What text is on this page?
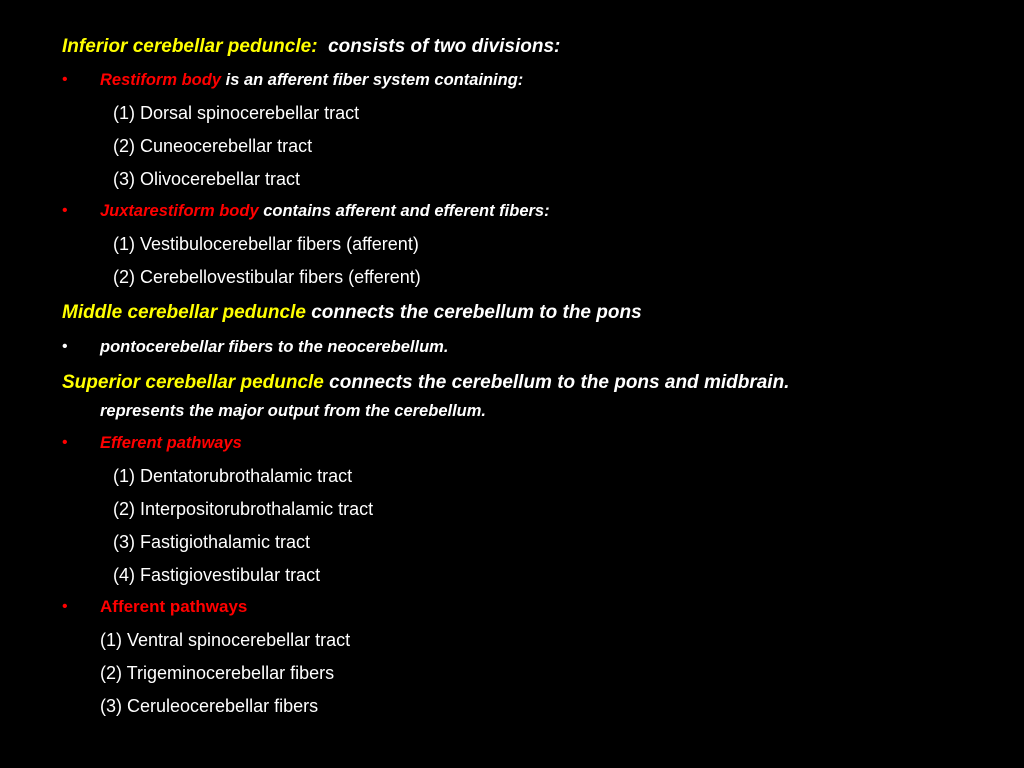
Inferior cerebellar peduncle: consists of two divisions:
• Restiform body is an afferent fiber system containing:
(1) Dorsal spinocerebellar tract
(2) Cuneocerebellar tract
(3) Olivocerebellar tract
• Juxtarestiform body contains afferent and efferent fibers:
(1) Vestibulocerebellar fibers (afferent)
(2) Cerebellovestibular fibers (efferent)
Middle cerebellar peduncle connects the cerebellum to the pons
• pontocerebellar fibers to the neocerebellum.
Superior cerebellar peduncle connects the cerebellum to the pons and midbrain.
represents the major output from the cerebellum.
• Efferent pathways
(1) Dentatorubrothalamic tract
(2) Interpositorubrothalamic tract
(3) Fastigiothalamic tract
(4) Fastigiovestibular tract
• Afferent pathways
(1) Ventral spinocerebellar tract
(2) Trigeminocerebellar fibers
(3) Ceruleocerebellar fibers
